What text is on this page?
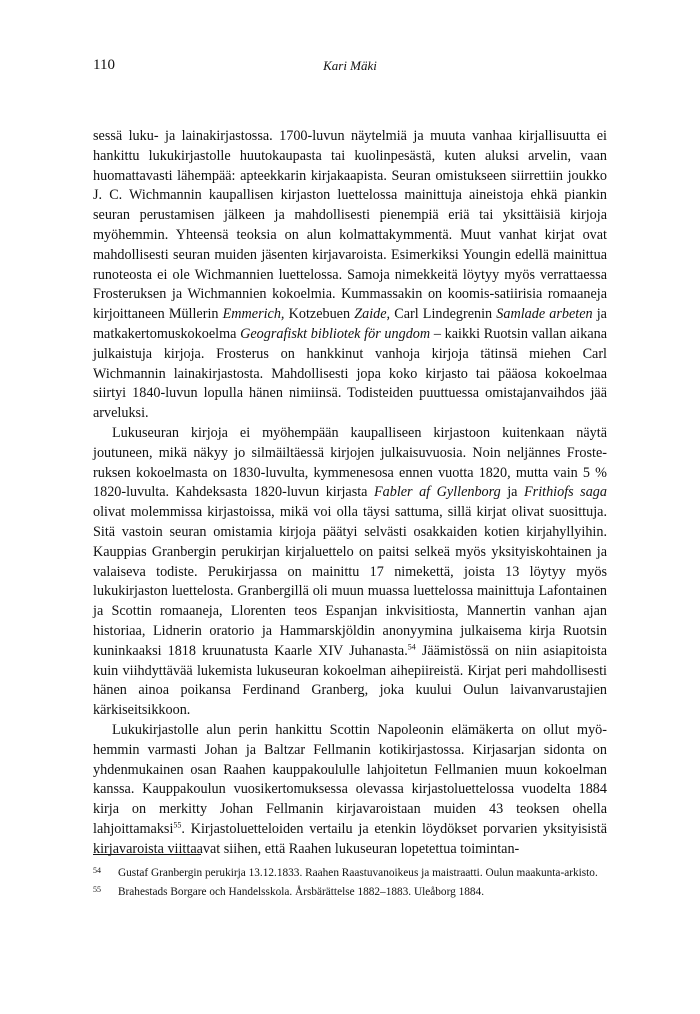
110	Kari Mäki

sessä luku- ja lainakirjastossa. 1700-luvun näytelmiä ja muuta vanhaa kirjallisuutta ei hankittu lukukirjastolle huutokaupasta tai kuolinpesästä, kuten aluksi arvelin, vaan huomattavasti lähempää: apteekkarin kirjakaapista. Seuran omistukseen siirrettiin joukko J. C. Wichmannin kaupallisen kirjaston luettelossa mainittuja aineistoja ehkä piankin seuran perustamisen jälkeen ja mahdollisesti pienempiä eriä tai yksittäisiä kirjoja myöhemmin. Yhteensä teoksia on alun kolmattakymmentä. Muut vanhat kirjat ovat mahdollisesti seuran muiden jäsenten kirjavaroista. Esimerkiksi Youngin edellä mainittua runoteosta ei ole Wichmannien luettelossa. Samoja nimekkeitä löytyy myös verrattaessa Frosteruksen ja Wichmannien kokoelmia. Kummassakin on koomis-satiirisia romaaneja kirjoittaneen Müllerin Emmerich, Kotzebuen Zaide, Carl Lindegrenin Samlade arbeten ja matkakertomuskokoelma Geografiskt bibliotek för ungdom – kaikki Ruotsin vallan aikana julkaistuja kirjoja. Frosterus on hankkinut vanhoja kirjoja tätinsä miehen Carl Wichmannin lainakirjastosta. Mahdollisesti jopa koko kirjasto tai pääosa kokoelmaa siirtyi 1840-luvun lopulla hänen nimiinsä. Todisteiden puuttuessa omistajanvaihdos jää arveluksi.

Lukuseuran kirjoja ei myöhempään kaupalliseen kirjastoon kuitenkaan näytä joutuneen, mikä näkyy jo silmäiltäessä kirjojen julkaisuvuosia. Noin neljännes Frosteruksen kokoelmasta on 1830-luvulta, kymmenesosa ennen vuotta 1820, mutta vain 5 % 1820-luvulta. Kahdeksasta 1820-luvun kirjasta Fabler af Gyllenborg ja Frithiofs saga olivat molemmissa kirjastoissa, mikä voi olla täysi sattuma, sillä kirjat olivat suosittuja. Sitä vastoin seuran omistamia kirjoja päätyi selvästi osakkaiden kotien kirjahyllyihin. Kauppias Granbergin perukirjan kirjaluettelo on paitsi selkeä myös yksityiskohtainen ja valaiseva todiste. Perukirjassa on mainittu 17 nimekettä, joista 13 löytyy myös lukukirjaston luettelosta. Granbergillä oli muun muassa luettelossa mainittuja Lafontainen ja Scottin romaaneja, Llorenten teos Espanjan inkvisitiosta, Mannertin vanhan ajan historiaa, Lidnerin oratorio ja Hammarskjöldin anonyymina julkaisema kirja Ruotsin kuninkaaksi 1818 kruunatusta Kaarle XIV Juhanasta.$^{54}$ Jäämistössä on niin asiapitoista kuin viihdyttävää lukemista lukuseuran kokoelman aihepiireistä. Kirjat peri mahdollisesti hänen ainoa poikansa Ferdinand Granberg, joka kuului Oulun laivanvarustajien kärkiseitsikkoon.

Lukukirjastolle alun perin hankittu Scottin Napoleonin elämäkerta on ollut myöhemmin varmasti Johan ja Baltzar Fellmanin kotikirjastossa. Kirjasarjan sidonta on yhdenmukainen osan Raahen kauppakoululle lahjoitetun Fellmanien muun kokoelman kanssa. Kauppakoulun vuosikertomuksessa olevassa kirjastoluettelossa vuodelta 1884 kirja on merkitty Johan Fellmanin kirjavaroistaan muiden 43 teoksen ohella lahjoittamaksi$^{55}$. Kirjastoluetteloiden vertailu ja etenkin löydökset porvarien yksityisistä kirjavaroista viittaavat siihen, että Raahen lukuseuran lopetettua toimintan-

54 Gustaf Granbergin perukirja 13.12.1833. Raahen Raastuvanoikeus ja maistraatti. Oulun maakunta-arkisto.
55 Brahestads Borgare och Handelsskola. Årsbärättelse 1882–1883. Uleåborg 1884.
